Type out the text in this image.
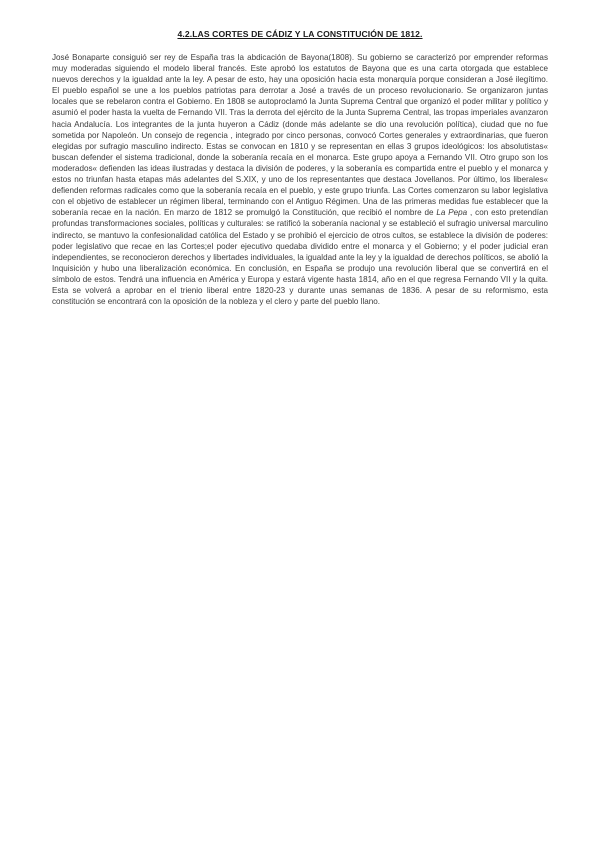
4.2.LAS CORTES DE CÁDIZ Y LA CONSTITUCIÓN DE 1812.

José Bonaparte consiguió ser rey de España tras la abdicación de Bayona(1808). Su gobierno se caracterizó por emprender reformas muy moderadas siguiendo el modelo liberal francés. Este aprobó los estatutos de Bayona que es una carta otorgada que establece nuevos derechos y la igualdad ante la ley. A pesar de esto, hay una oposición hacia esta monarquía porque consideran a José ilegítimo. El pueblo español se une a los pueblos patriotas para derrotar a José a través de un proceso revolucionario. Se organizaron juntas locales que se rebelaron contra el Gobierno. En 1808 se autoproclamó la Junta Suprema Central que organizó el poder militar y político y asumió el poder hasta la vuelta de Fernando VII. Tras la derrota del ejército de la Junta Suprema Central, las tropas imperiales avanzaron hacia Andalucía. Los integrantes de la junta huyeron a Cádiz (donde más adelante se dio una revolución política), ciudad que no fue sometida por Napoleón. Un consejo de regencia , integrado por cinco personas, convocó Cortes generales y extraordinarias, que fueron elegidas por sufragio masculino indirecto. Estas se convocan en 1810 y se representan en ellas 3 grupos ideológicos: los absolutistas« buscan defender el sistema tradicional, donde la soberanía recaía en el monarca. Este grupo apoya a Fernando VII. Otro grupo son los moderados« defienden las ideas ilustradas y destaca la división de poderes, y la soberanía es compartida entre el pueblo y el monarca y estos no triunfan hasta etapas más adelantes del S.XIX, y uno de los representantes que destaca Jovellanos. Por último, los liberales« defienden reformas radicales como que la soberanía recaía en el pueblo, y este grupo triunfa. Las Cortes comenzaron su labor legislativa con el objetivo de establecer un régimen liberal, terminando con el Antiguo Régimen. Una de las primeras medidas fue establecer que la soberanía recae en la nación. En marzo de 1812 se promulgó la Constitución, que recibió el nombre de La Pepa , con esto pretendían profundas transformaciones sociales, políticas y culturales: se ratificó la soberanía nacional y se estableció el sufragio universal marculino indirecto, se mantuvo la confesionalidad católica del Estado y se prohibió el ejercicio de otros cultos, se establece la división de poderes: poder legislativo que recae en las Cortes;el poder ejecutivo quedaba dividido entre el monarca y el Gobierno; y el poder judicial eran independientes, se reconocieron derechos y libertades individuales, la igualdad ante la ley y la igualdad de derechos políticos, se abolió la Inquisición y hubo una liberalización económica. En conclusión, en España se produjo una revolución liberal que se convertirá en el símbolo de estos. Tendrá una influencia en América y Europa y estará vigente hasta 1814, año en el que regresa Fernando VII y la quita. Esta se volverá a aprobar en el trienio liberal entre 1820-23 y durante unas semanas de 1836. A pesar de su reformismo, esta constitución se encontrará con la oposición de la nobleza y el clero y parte del pueblo llano.
